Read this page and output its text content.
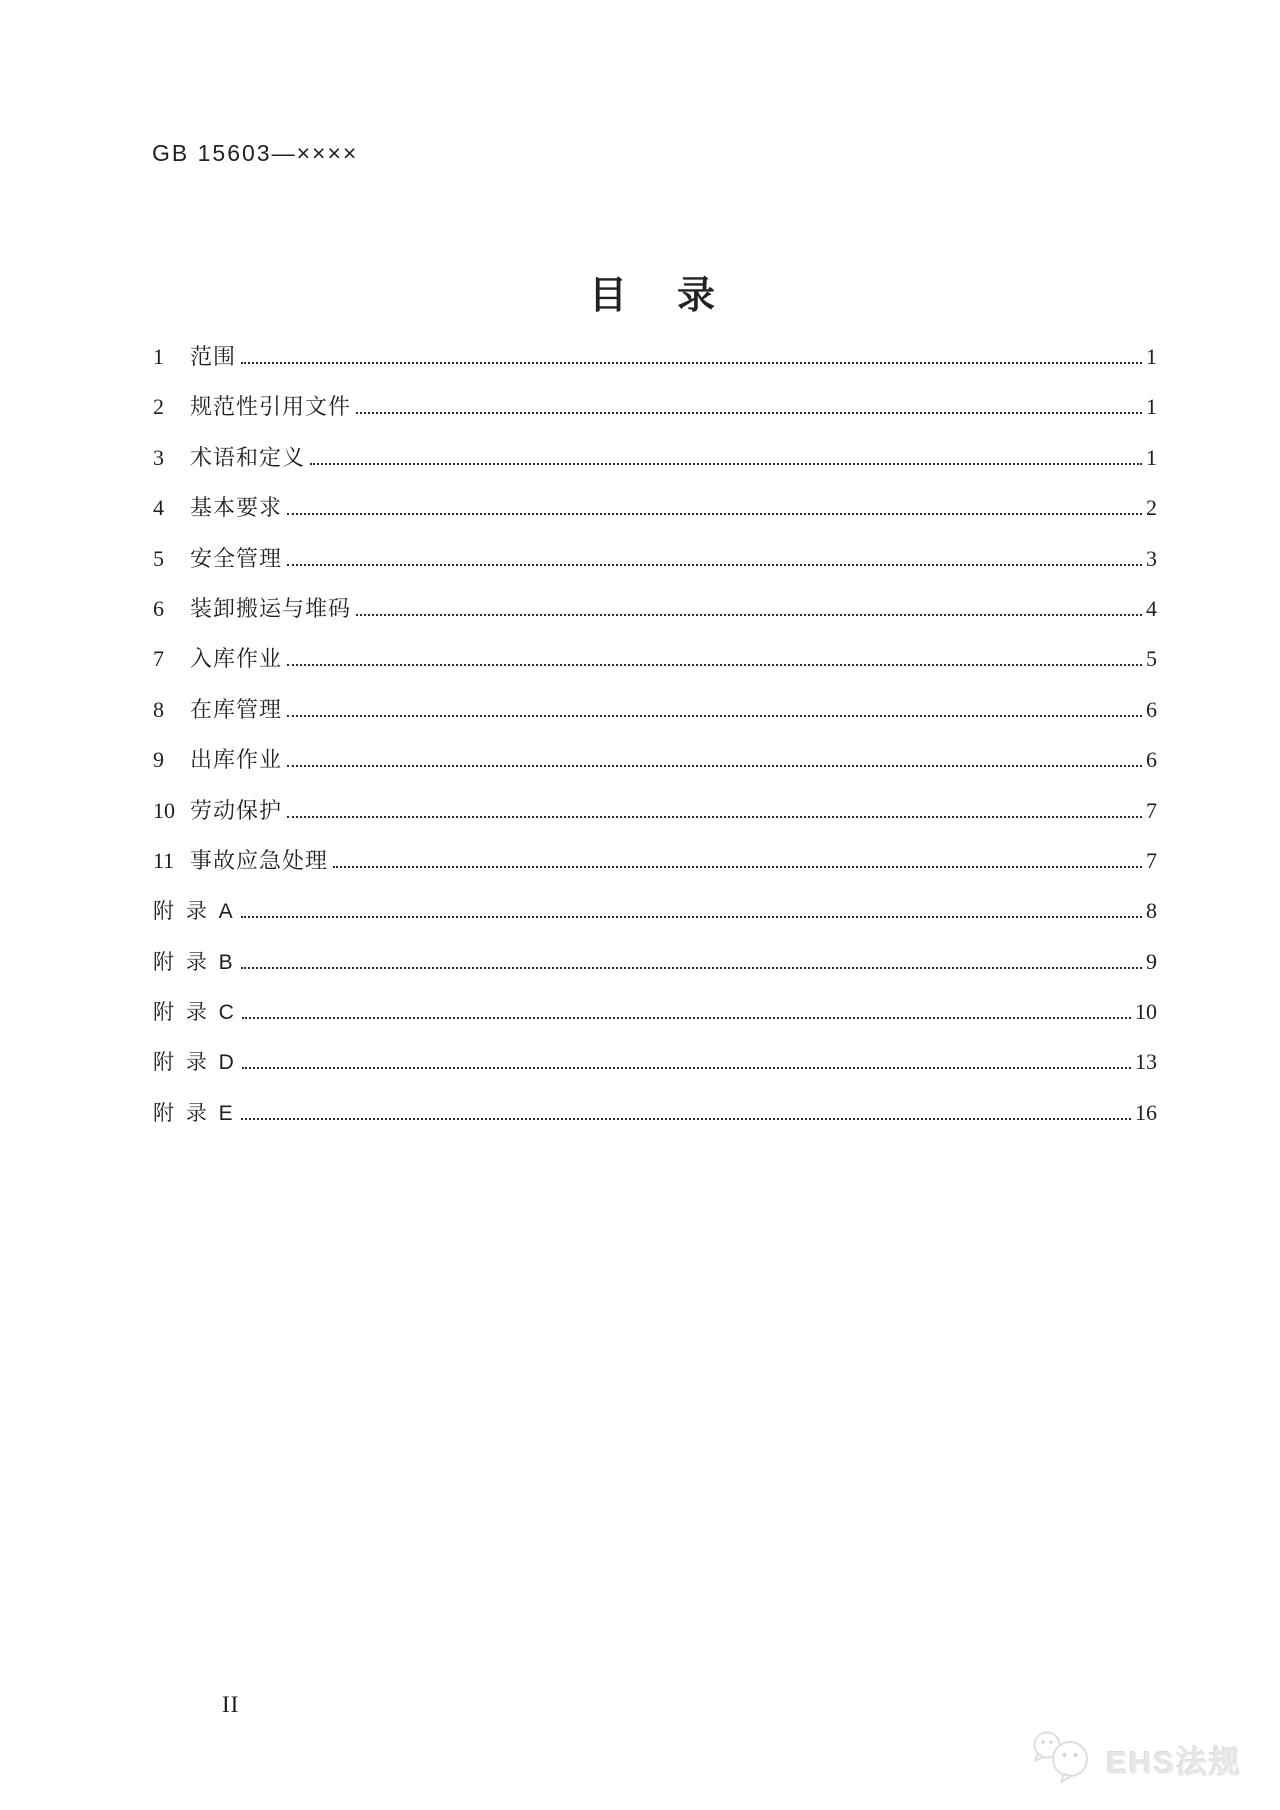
GB 15603—××××
目　录
1	范围	1
2	规范性引用文件	1
3	术语和定义	1
4	基本要求	2
5	安全管理	3
6	装卸搬运与堆码	4
7	入库作业	5
8	在库管理	6
9	出库作业	6
10 劳动保护	7
11 事故应急处理	7
附 录 A	8
附 录 B	9
附 录 C	10
附 录 D	13
附 录 E	16
II
EHS法规
